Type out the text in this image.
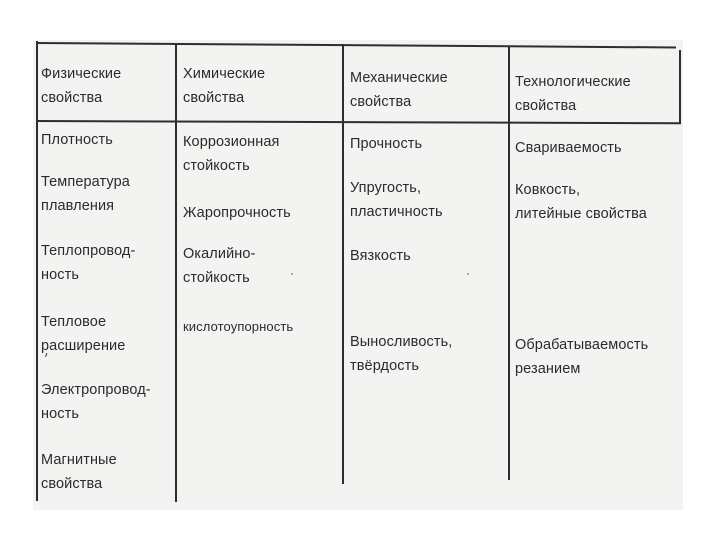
Физические
свойства
Химические
свойства
Механические
свойства
Технологические
свойства
Плотность
Температура
плавления
Теплопровод-
ность
Тепловое
расширение
Электропровод-
ность
Магнитные
свойства
Коррозионная
стойкость
Жаропрочность
Окалийно-
стойкость
кислотоупорность
Прочность
Упругость,
пластичность
Вязкость
Выносливость,
твёрдость
Свариваемость
Ковкость,
литейные свойства
Обрабатываемость
резанием
׳
·	·
